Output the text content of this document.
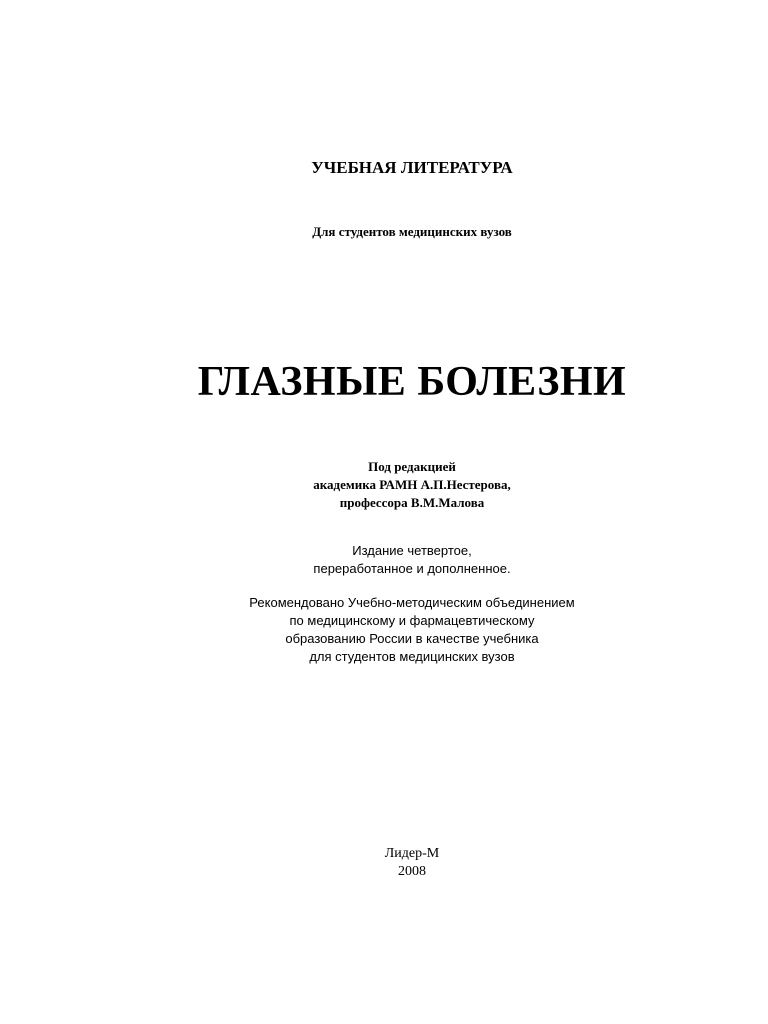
УЧЕБНАЯ ЛИТЕРАТУРА

Для студентов медицинских вузов

ГЛАЗНЫЕ БОЛЕЗНИ
Под редакцией
академика РАМН А.П.Нестерова,
профессора В.М.Малова
Издание четвертое,
переработанное и дополненное.
Рекомендовано Учебно-методическим объединением
по медицинскому и фармацевтическому
образованию России в качестве учебника
для студентов медицинских вузов
Лидер-М
2008
